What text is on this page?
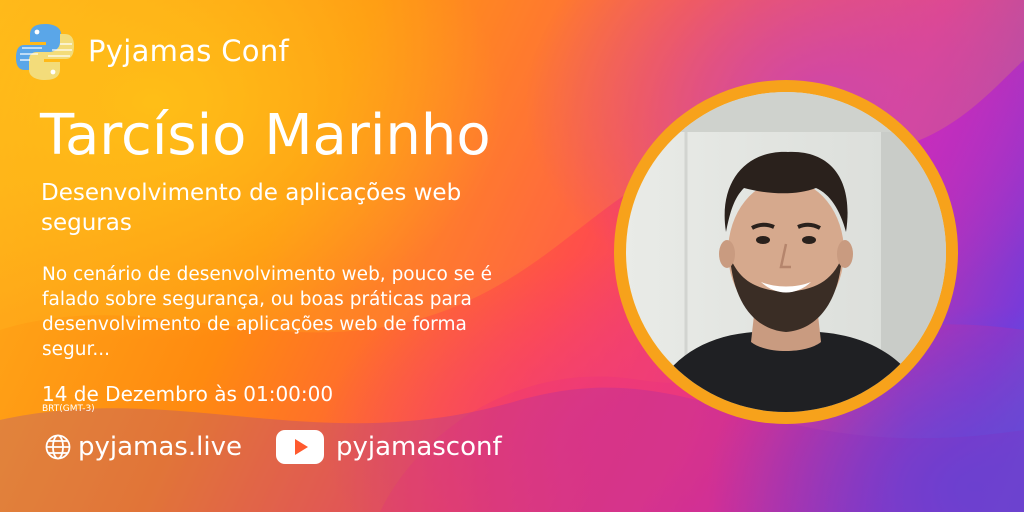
Pyjamas Conf
Tarcísio Marinho
Desenvolvimento de aplicações web seguras
No cenário de desenvolvimento web, pouco se é falado sobre segurança, ou boas práticas para desenvolvimento de aplicações web de forma segur...
14 de Dezembro às 01:00:00
BRT(GMT-3)
pyjamas.live	pyjamasconf
